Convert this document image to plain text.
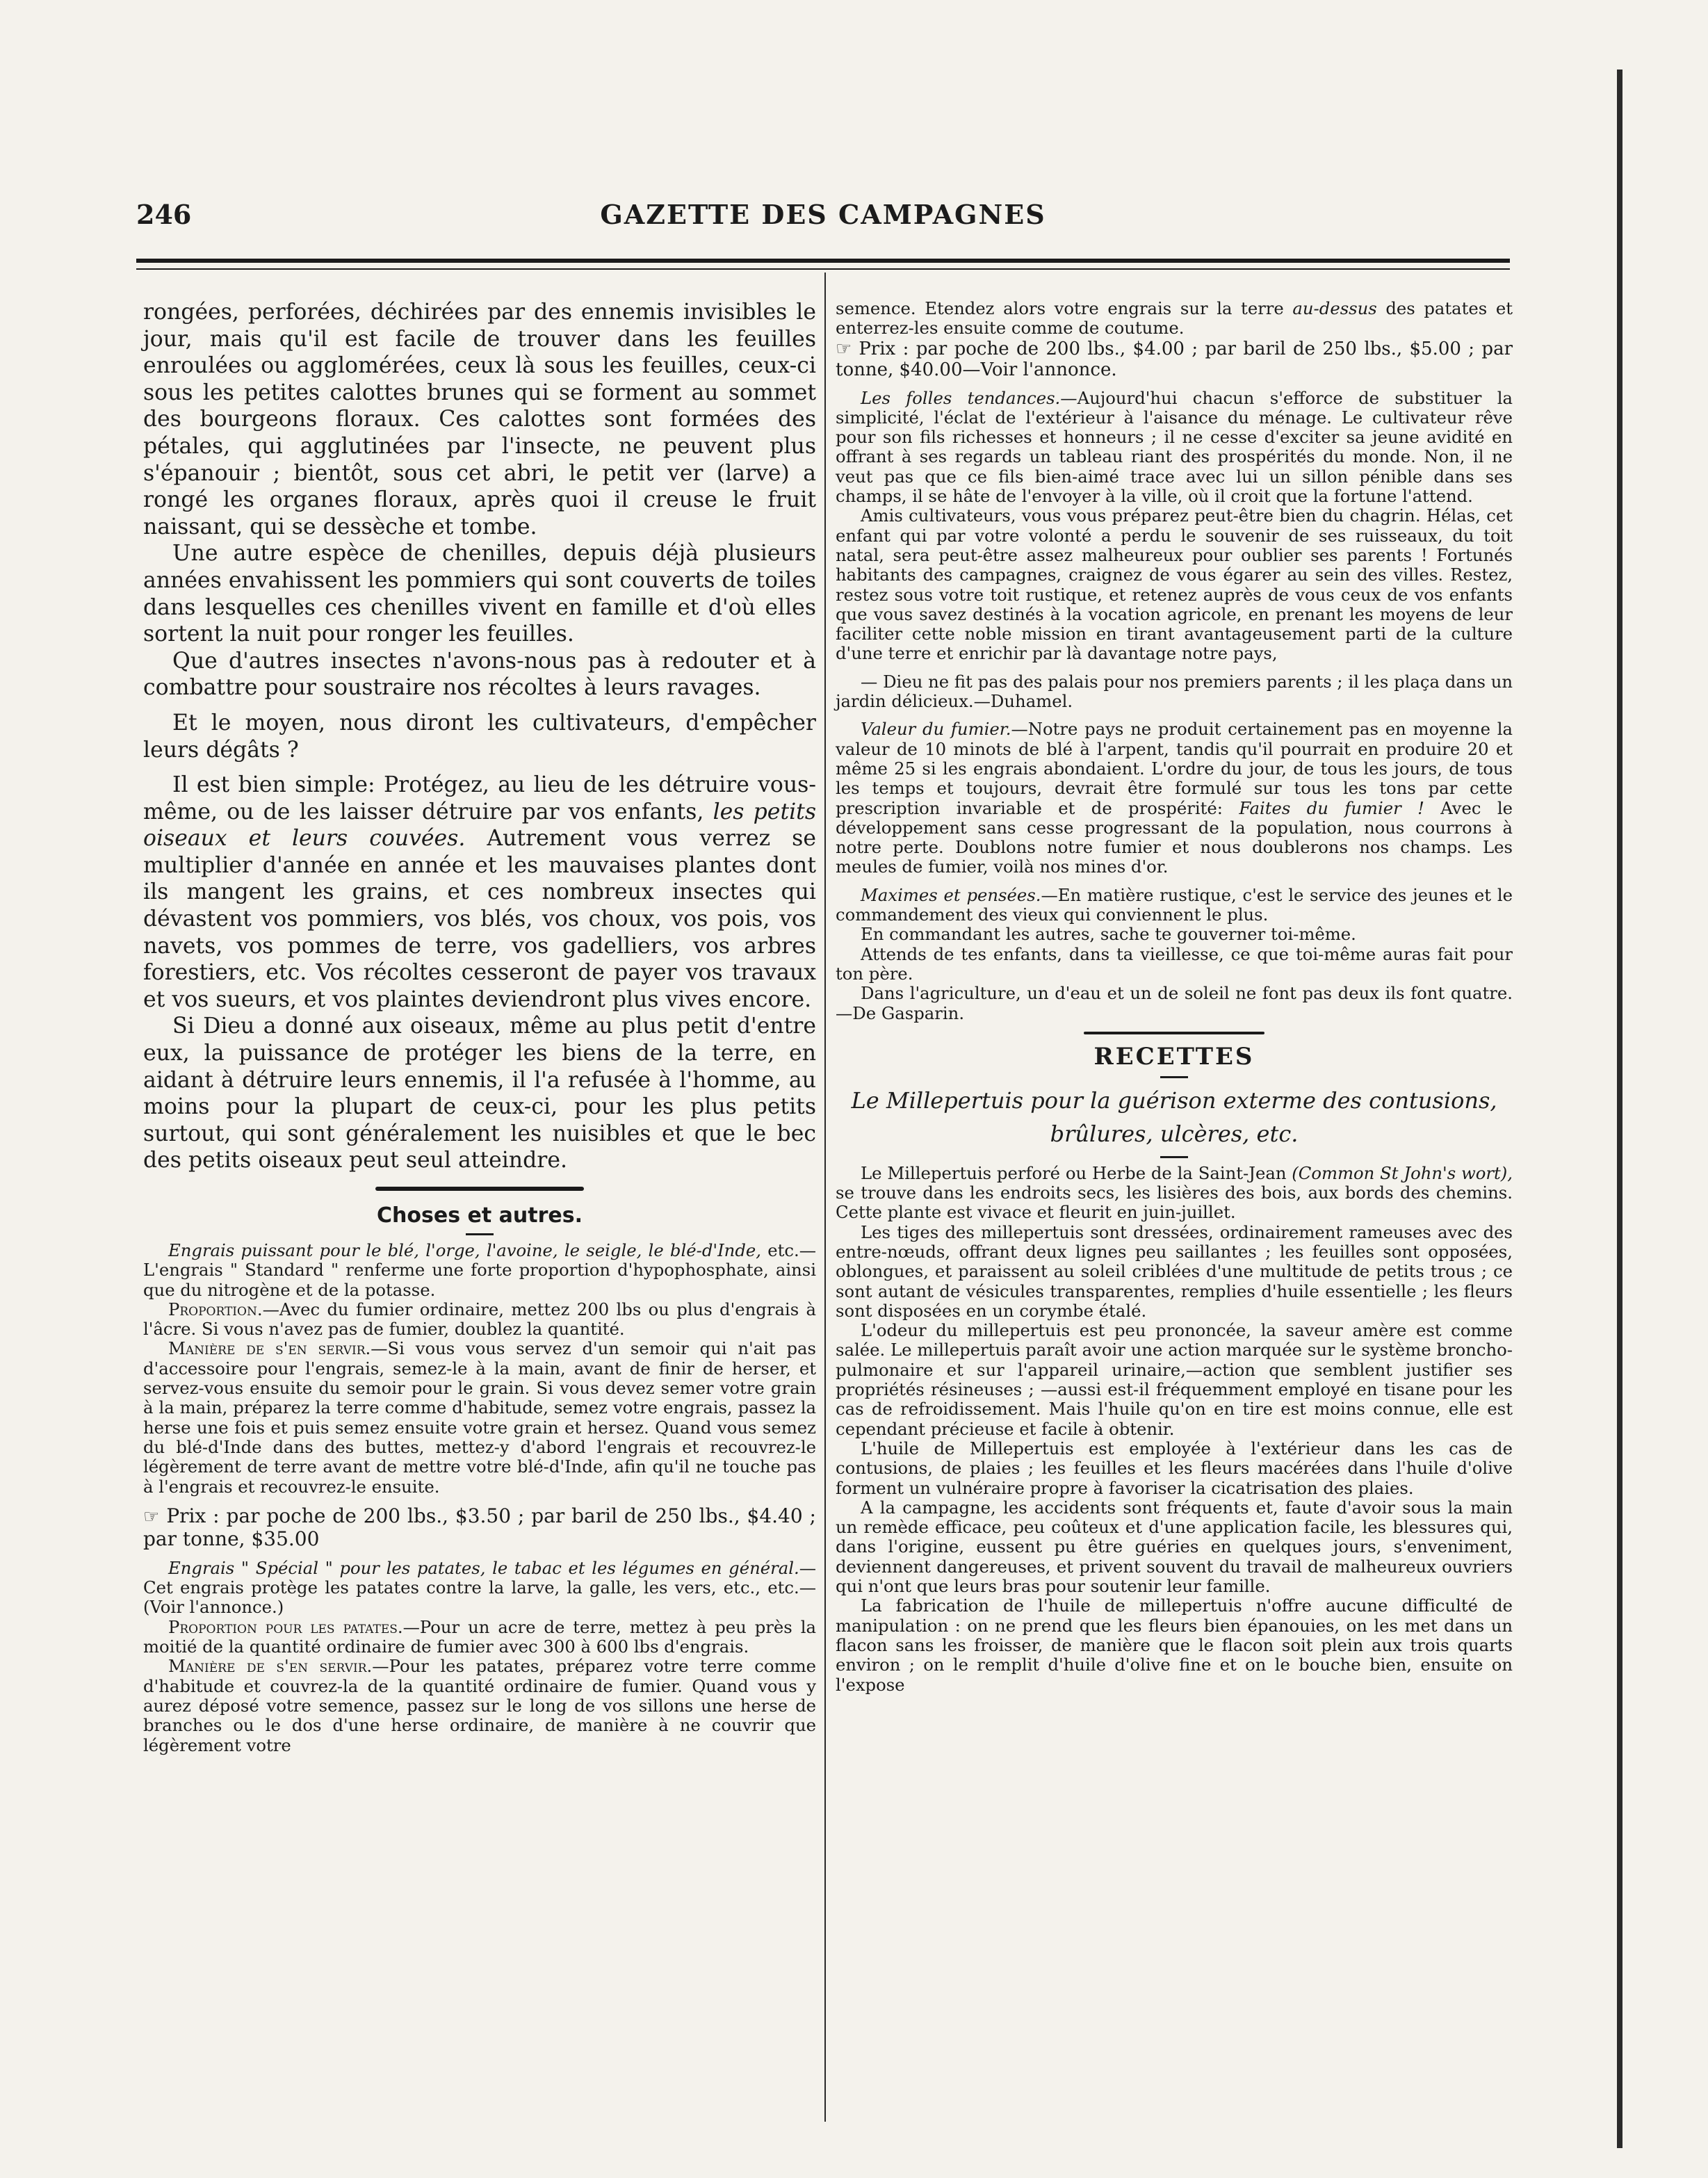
246	GAZETTE DES CAMPAGNES

rongées, perforées, déchirées par des ennemis invisibles le jour, mais qu'il est facile de trouver dans les feuilles enroulées ou agglomérées, ceux là sous les feuilles, ceux-ci sous les petites calottes brunes qui se forment au sommet des bourgeons floraux. Ces calottes sont formées des pétales, qui agglutinées par l'insecte, ne peuvent plus s'épanouir ; bientôt, sous cet abri, le petit ver (larve) a rongé les organes floraux, après quoi il creuse le fruit naissant, qui se dessèche et tombe.

Une autre espèce de chenilles, depuis déjà plusieurs années envahissent les pommiers qui sont couverts de toiles dans lesquelles ces chenilles vivent en famille et d'où elles sortent la nuit pour ronger les feuilles.

Que d'autres insectes n'avons-nous pas à redouter et à combattre pour soustraire nos récoltes à leurs ravages.

Et le moyen, nous diront les cultivateurs, d'empêcher leurs dégâts ?

Il est bien simple: Protégez, au lieu de les détruire vous-même, ou de les laisser détruire par vos enfants, les petits oiseaux et leurs couvées. Autrement vous verrez se multiplier d'année en année et les mauvaises plantes dont ils mangent les grains, et ces nombreux insectes qui dévastent vos pommiers, vos blés, vos choux, vos pois, vos navets, vos pommes de terre, vos gadelliers, vos arbres forestiers, etc. Vos récoltes cesseront de payer vos travaux et vos sueurs, et vos plaintes deviendront plus vives encore.

Si Dieu a donné aux oiseaux, même au plus petit d'entre eux, la puissance de protéger les biens de la terre, en aidant à détruire leurs ennemis, il l'a refusée à l'homme, au moins pour la plupart de ceux-ci, pour les plus petits surtout, qui sont généralement les nuisibles et que le bec des petits oiseaux peut seul atteindre.

Choses et autres.

Engrais puissant pour le blé, l'orge, l'avoine, le seigle, le blé-d'Inde, etc.—L'engrais " Standard " renferme une forte proportion d'hypophosphate, ainsi que du nitrogène et de la potasse.

Proportion.—Avec du fumier ordinaire, mettez 200 lbs ou plus d'engrais à l'âcre. Si vous n'avez pas de fumier, doublez la quantité.

Manière de s'en servir.—Si vous vous servez d'un semoir qui n'ait pas d'accessoire pour l'engrais, semez-le à la main, avant de finir de herser, et servez-vous ensuite du semoir pour le grain. Si vous devez semer votre grain à la main, préparez la terre comme d'habitude, semez votre engrais, passez la herse une fois et puis semez ensuite votre grain et hersez. Quand vous semez du blé-d'Inde dans des buttes, mettez-y d'abord l'engrais et recouvrez-le légèrement de terre avant de mettre votre blé-d'Inde, afin qu'il ne touche pas à l'engrais et recouvrez-le ensuite.

☞ Prix : par poche de 200 lbs., $3.50 ; par baril de 250 lbs., $4.40 ; par tonne, $35.00

Engrais " Spécial " pour les patates, le tabac et les légumes en général.—Cet engrais protège les patates contre la larve, la galle, les vers, etc., etc.—(Voir l'annonce.)

Proportion pour les patates.—Pour un acre de terre, mettez à peu près la moitié de la quantité ordinaire de fumier avec 300 à 600 lbs d'engrais.

Manière de s'en servir.—Pour les patates, préparez votre terre comme d'habitude et couvrez-la de la quantité ordinaire de fumier. Quand vous y aurez déposé votre semence, passez sur le long de vos sillons une herse de branches ou le dos d'une herse ordinaire, de manière à ne couvrir que légèrement votre

semence. Etendez alors votre engrais sur la terre au-dessus des patates et enterrez-les ensuite comme de coutume.

☞ Prix : par poche de 200 lbs., $4.00 ; par baril de 250 lbs., $5.00 ; par tonne, $40.00—Voir l'annonce.

Les folles tendances.—Aujourd'hui chacun s'efforce de substituer la simplicité, l'éclat de l'extérieur à l'aisance du ménage. Le cultivateur rêve pour son fils richesses et honneurs ; il ne cesse d'exciter sa jeune avidité en offrant à ses regards un tableau riant des prospérités du monde. Non, il ne veut pas que ce fils bien-aimé trace avec lui un sillon pénible dans ses champs, il se hâte de l'envoyer à la ville, où il croit que la fortune l'attend.

Amis cultivateurs, vous vous préparez peut-être bien du chagrin. Hélas, cet enfant qui par votre volonté a perdu le souvenir de ses ruisseaux, du toit natal, sera peut-être assez malheureux pour oublier ses parents ! Fortunés habitants des campagnes, craignez de vous égarer au sein des villes. Restez, restez sous votre toit rustique, et retenez auprès de vous ceux de vos enfants que vous savez destinés à la vocation agricole, en prenant les moyens de leur faciliter cette noble mission en tirant avantageusement parti de la culture d'une terre et enrichir par là davantage notre pays,

— Dieu ne fit pas des palais pour nos premiers parents ; il les plaça dans un jardin délicieux.—Duhamel.

Valeur du fumier.—Notre pays ne produit certainement pas en moyenne la valeur de 10 minots de blé à l'arpent, tandis qu'il pourrait en produire 20 et même 25 si les engrais abondaient. L'ordre du jour, de tous les jours, de tous les temps et toujours, devrait être formulé sur tous les tons par cette prescription invariable et de prospérité: Faites du fumier ! Avec le développement sans cesse progressant de la population, nous courrons à notre perte. Doublons notre fumier et nous doublerons nos champs. Les meules de fumier, voilà nos mines d'or.

Maximes et pensées.—En matière rustique, c'est le service des jeunes et le commandement des vieux qui conviennent le plus.

En commandant les autres, sache te gouverner toi-même.

Attends de tes enfants, dans ta vieillesse, ce que toi-même auras fait pour ton père.

Dans l'agriculture, un d'eau et un de soleil ne font pas deux ils font quatre.—De Gasparin.

RECETTES
Le Millepertuis pour la guérison exterme des contusions, brûlures, ulcères, etc.

Le Millepertuis perforé ou Herbe de la Saint-Jean (Common St John's wort), se trouve dans les endroits secs, les lisières des bois, aux bords des chemins. Cette plante est vivace et fleurit en juin-juillet.

Les tiges des millepertuis sont dressées, ordinairement rameuses avec des entre-nœuds, offrant deux lignes peu saillantes ; les feuilles sont opposées, oblongues, et paraissent au soleil criblées d'une multitude de petits trous ; ce sont autant de vésicules transparentes, remplies d'huile essentielle ; les fleurs sont disposées en un corymbe étalé.

L'odeur du millepertuis est peu prononcée, la saveur amère est comme salée. Le millepertuis paraît avoir une action marquée sur le système broncho-pulmonaire et sur l'appareil urinaire,—action que semblent justifier ses propriétés résineuses ; —aussi est-il fréquemment employé en tisane pour les cas de refroidissement. Mais l'huile qu'on en tire est moins connue, elle est cependant précieuse et facile à obtenir.

L'huile de Millepertuis est employée à l'extérieur dans les cas de contusions, de plaies ; les feuilles et les fleurs macérées dans l'huile d'olive forment un vulnéraire propre à favoriser la cicatrisation des plaies.

A la campagne, les accidents sont fréquents et, faute d'avoir sous la main un remède efficace, peu coûteux et d'une application facile, les blessures qui, dans l'origine, eussent pu être guéries en quelques jours, s'enveniment, deviennent dangereuses, et privent souvent du travail de malheureux ouvriers qui n'ont que leurs bras pour soutenir leur famille.

La fabrication de l'huile de millepertuis n'offre aucune difficulté de manipulation : on ne prend que les fleurs bien épanouies, on les met dans un flacon sans les froisser, de manière que le flacon soit plein aux trois quarts environ ; on le remplit d'huile d'olive fine et on le bouche bien, ensuite on l'expose
